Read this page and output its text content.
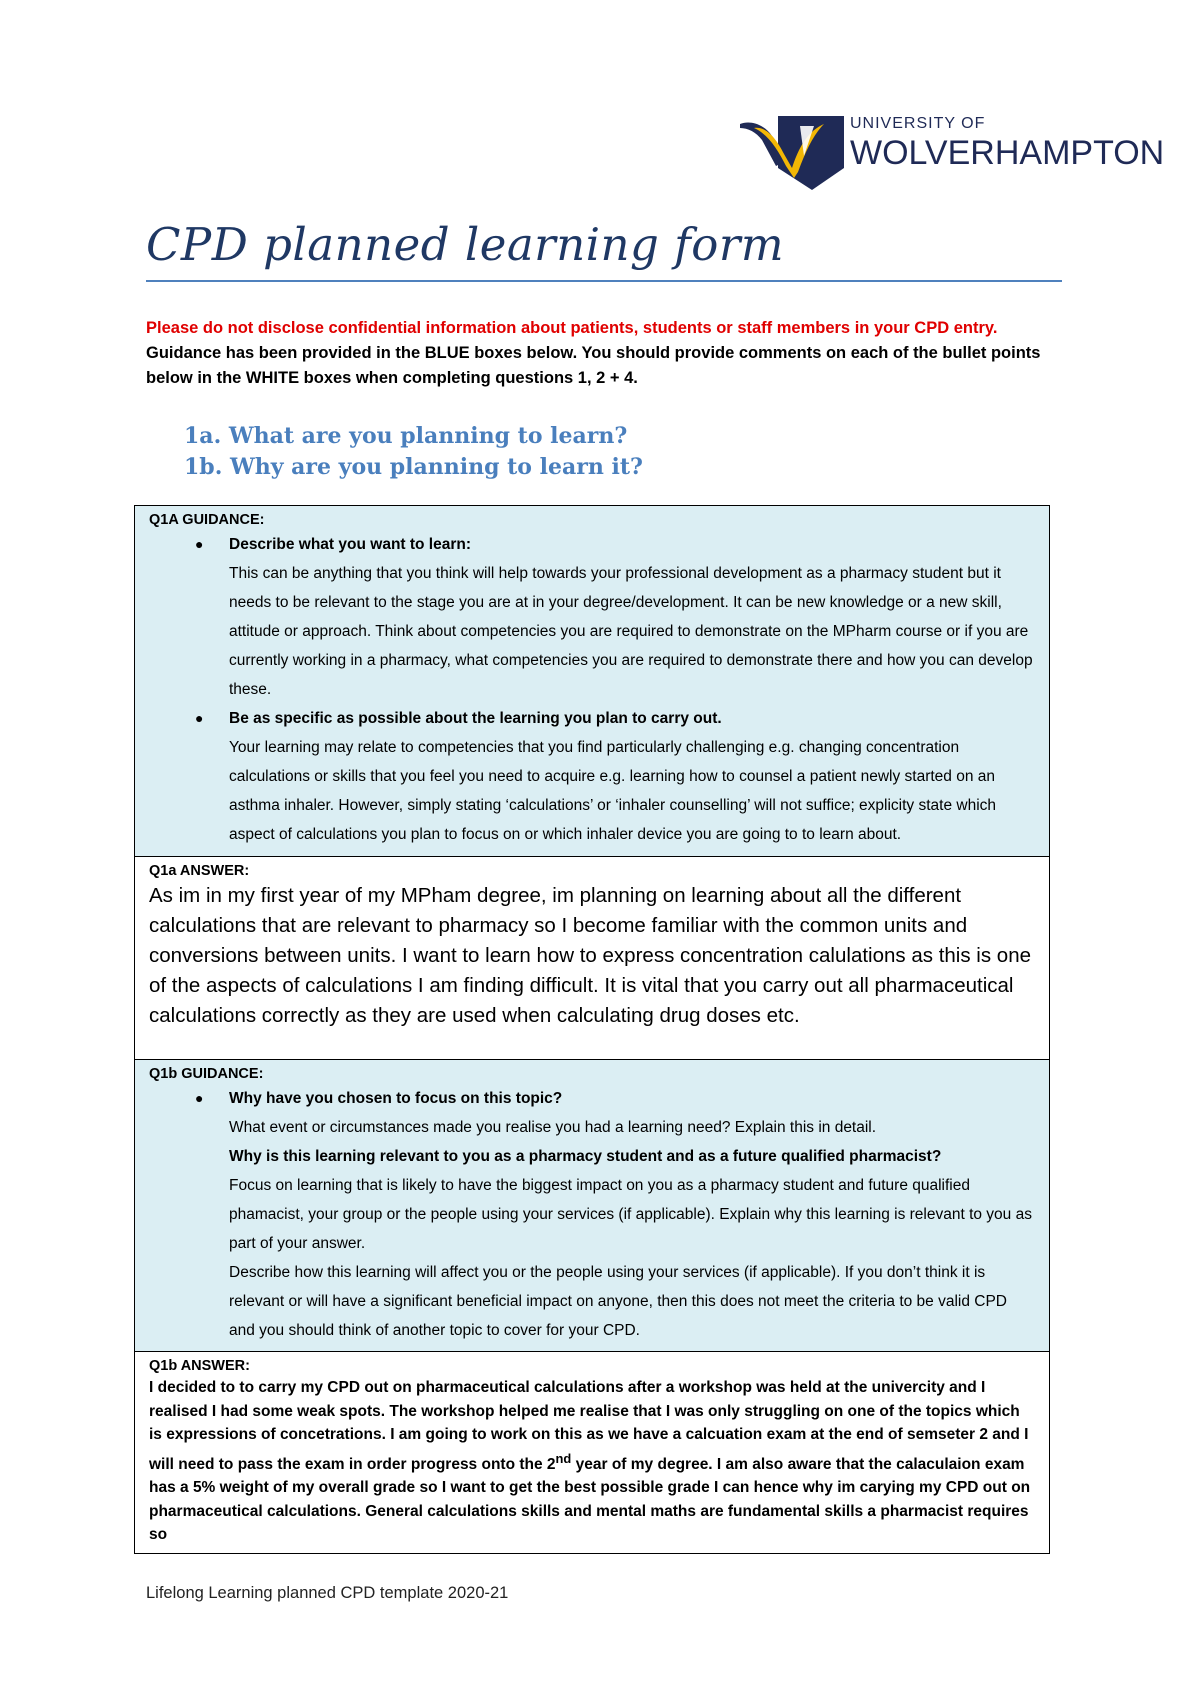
UNIVERSITY OF
WOLVERHAMPTON
CPD planned learning form
Please do not disclose confidential information about patients, students or staff members in your CPD entry.
Guidance has been provided in the BLUE boxes below. You should provide comments on each of the bullet points below in the WHITE boxes when completing questions 1, 2 + 4.
1a. What are you planning to learn?
1b. Why are you planning to learn it?
Q1A GUIDANCE:
● Describe what you want to learn:
This can be anything that you think will help towards your professional development as a pharmacy student but it needs to be relevant to the stage you are at in your degree/development. It can be new knowledge or a new skill, attitude or approach. Think about competencies you are required to demonstrate on the MPharm course or if you are currently working in a pharmacy, what competencies you are required to demonstrate there and how you can develop these.
● Be as specific as possible about the learning you plan to carry out.
Your learning may relate to competencies that you find particularly challenging e.g. changing concentration calculations or skills that you feel you need to acquire e.g. learning how to counsel a patient newly started on an asthma inhaler. However, simply stating ‘calculations’ or ‘inhaler counselling’ will not suffice; explicity state which aspect of calculations you plan to focus on or which inhaler device you are going to to learn about.

Q1a ANSWER:
As im in my first year of my MPham degree, im planning on learning about all the different calculations that are relevant to pharmacy so I become familiar with the common units and conversions between units. I want to learn how to express concentration calulations as this is one of the aspects of calculations I am finding difficult. It is vital that you carry out all pharmaceutical calculations correctly as they are used when calculating drug doses etc.

Q1b GUIDANCE:
● Why have you chosen to focus on this topic?
What event or circumstances made you realise you had a learning need? Explain this in detail.
Why is this learning relevant to you as a pharmacy student and as a future qualified pharmacist?
Focus on learning that is likely to have the biggest impact on you as a pharmacy student and future qualified phamacist, your group or the people using your services (if applicable). Explain why this learning is relevant to you as part of your answer.
Describe how this learning will affect you or the people using your services (if applicable). If you don’t think it is relevant or will have a significant beneficial impact on anyone, then this does not meet the criteria to be valid CPD and you should think of another topic to cover for your CPD.

Q1b ANSWER:
I decided to to carry my CPD out on pharmaceutical calculations after a workshop was held at the univercity and I realised I had some weak spots. The workshop helped me realise that I was only struggling on one of the topics which is expressions of concetrations. I am going to work on this as we have a calcuation exam at the end of semseter 2 and I will need to pass the exam in order progress onto the 2nd year of my degree. I am also aware that the calaculaion exam has a 5% weight of my overall grade so I want to get the best possible grade I can hence why im carying my CPD out on pharmaceutical calculations. General calculations skills and mental maths are fundamental skills a pharmacist requires so
Lifelong Learning planned CPD template 2020-21
